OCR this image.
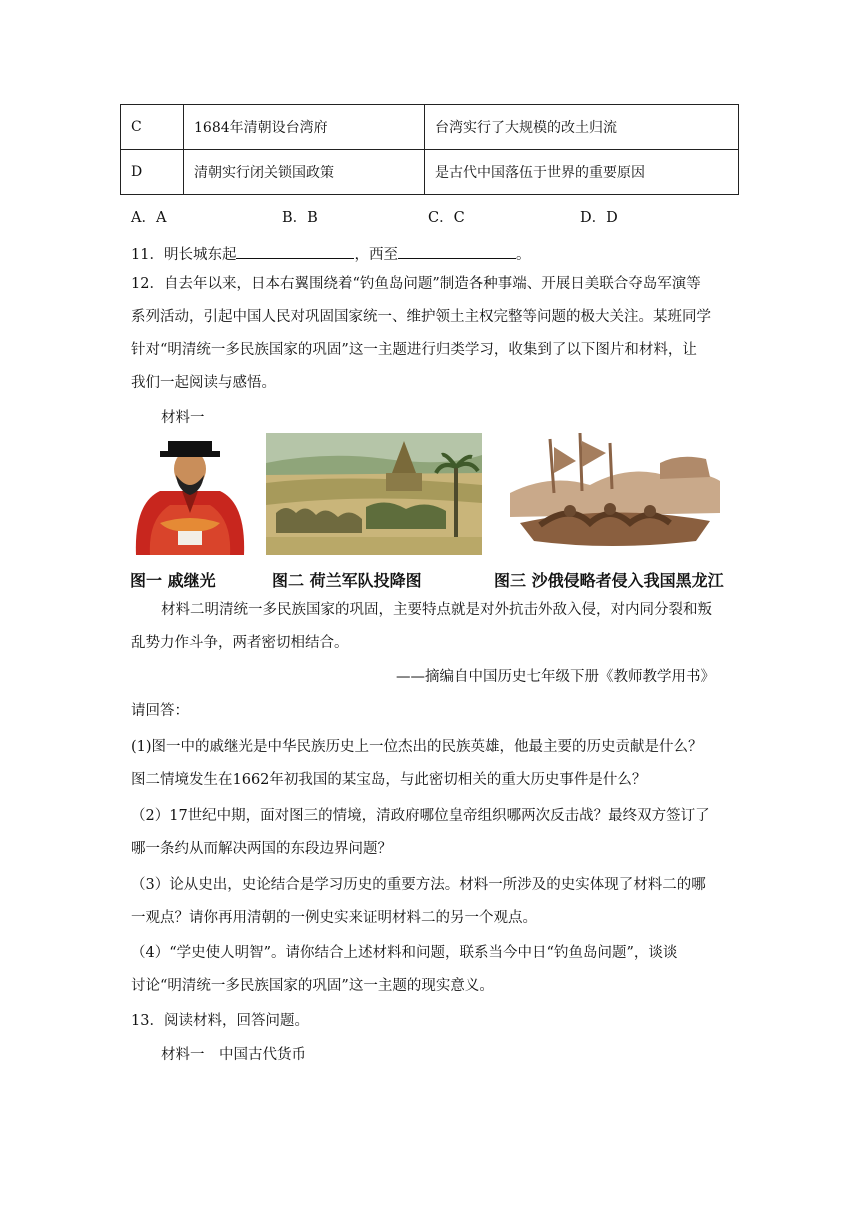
C	1684年清朝设台湾府	台湾实行了大规模的改土归流
D	清朝实行闭关锁国政策	是古代中国落伍于世界的重要原因
A．A	B．B	C．C	D．D
11．明长城东起	，西至	。
12．自去年以来，日本右翼围绕着“钓鱼岛问题”制造各种事端、开展日美联合夺岛军演等
系列活动，引起中国人民对巩固国家统一、维护领土主权完整等问题的极大关注。某班同学
针对“明清统一多民族国家的巩固”这一主题进行归类学习，收集到了以下图片和材料，让
我们一起阅读与感悟。
材料一
图一 戚继光	图二 荷兰军队投降图	图三 沙俄侵略者侵入我国黑龙江
材料二明清统一多民族国家的巩固，主要特点就是对外抗击外敌入侵，对内同分裂和叛
乱势力作斗争，两者密切相结合。
——摘编自中国历史七年级下册《教师教学用书》
请回答：
(1)图一中的戚继光是中华民族历史上一位杰出的民族英雄，他最主要的历史贡献是什么？
图二情境发生在1662年初我国的某宝岛，与此密切相关的重大历史事件是什么？
（2）17世纪中期，面对图三的情境，清政府哪位皇帝组织哪两次反击战？最终双方签订了
哪一条约从而解决两国的东段边界问题？
（3）论从史出，史论结合是学习历史的重要方法。材料一所涉及的史实体现了材料二的哪
一观点？请你再用清朝的一例史实来证明材料二的另一个观点。
（4）“学史使人明智”。请你结合上述材料和问题，联系当今中日“钓鱼岛问题”，谈谈
讨论“明清统一多民族国家的巩固”这一主题的现实意义。
13．阅读材料，回答问题。
材料一　中国古代货币
